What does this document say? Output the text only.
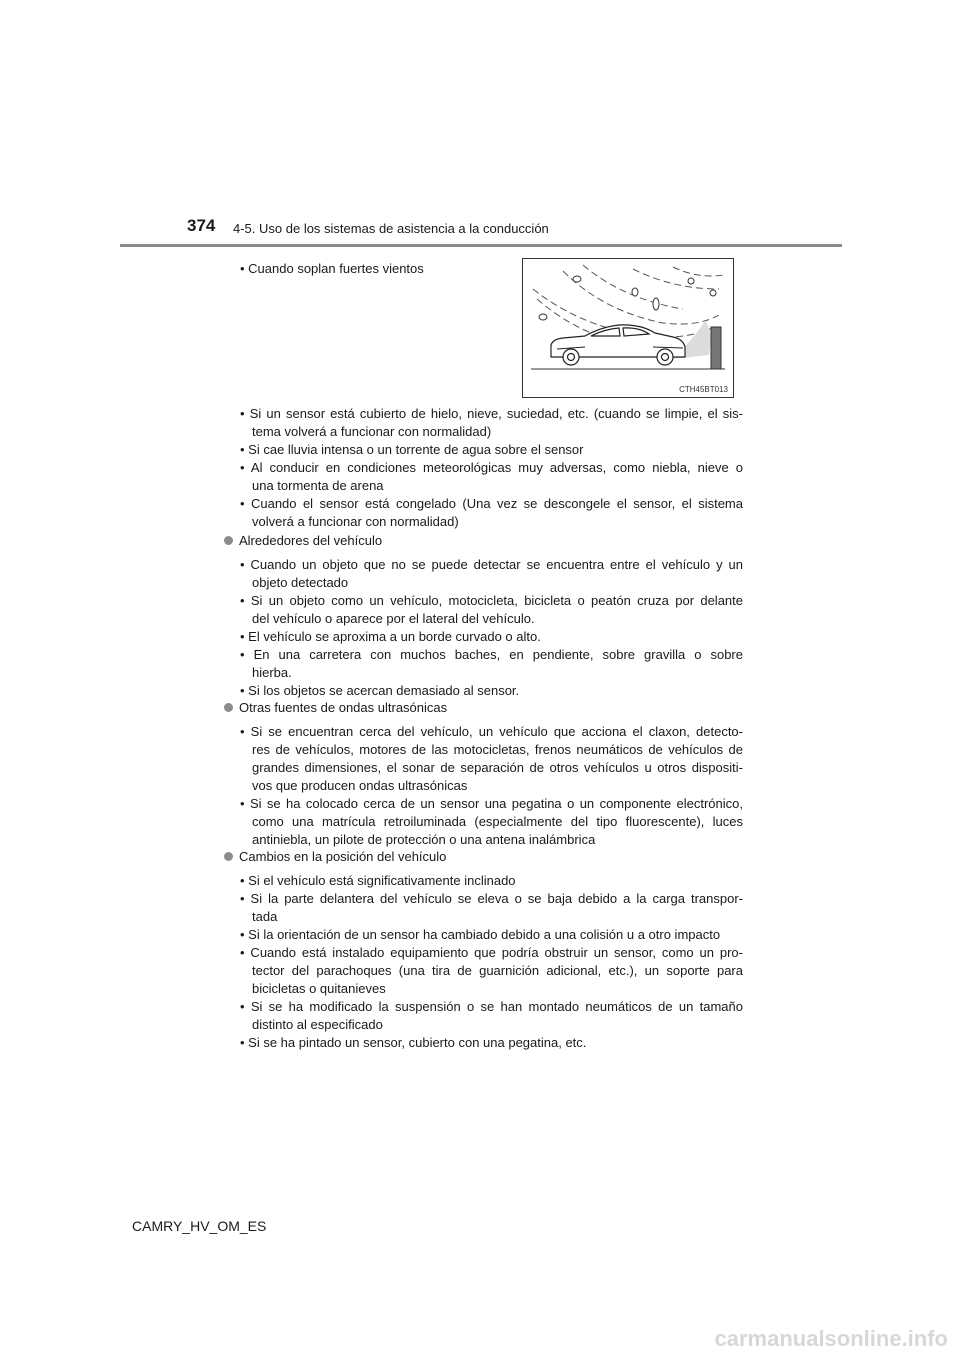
374 4-5. Uso de los sistemas de asistencia a la conducción
• Cuando soplan fuertes vientos
CTH45BT013
• Si un sensor está cubierto de hielo, nieve, suciedad, etc. (cuando se limpie, el sis-
tema volverá a funcionar con normalidad)
• Si cae lluvia intensa o un torrente de agua sobre el sensor
• Al conducir en condiciones meteorológicas muy adversas, como niebla, nieve o
una tormenta de arena
• Cuando el sensor está congelado (Una vez se descongele el sensor, el sistema
volverá a funcionar con normalidad)
Alrededores del vehículo
• Cuando un objeto que no se puede detectar se encuentra entre el vehículo y un
objeto detectado
• Si un objeto como un vehículo, motocicleta, bicicleta o peatón cruza por delante
del vehículo o aparece por el lateral del vehículo.
• El vehículo se aproxima a un borde curvado o alto.
• En una carretera con muchos baches, en pendiente, sobre gravilla o sobre
hierba.
• Si los objetos se acercan demasiado al sensor.
Otras fuentes de ondas ultrasónicas
• Si se encuentran cerca del vehículo, un vehículo que acciona el claxon, detecto-
res de vehículos, motores de las motocicletas, frenos neumáticos de vehículos de
grandes dimensiones, el sonar de separación de otros vehículos u otros dispositi-
vos que producen ondas ultrasónicas
• Si se ha colocado cerca de un sensor una pegatina o un componente electrónico,
como una matrícula retroiluminada (especialmente del tipo fluorescente), luces
antiniebla, un pilote de protección o una antena inalámbrica
Cambios en la posición del vehículo
• Si el vehículo está significativamente inclinado
• Si la parte delantera del vehículo se eleva o se baja debido a la carga transpor-
tada
• Si la orientación de un sensor ha cambiado debido a una colisión u a otro impacto
• Cuando está instalado equipamiento que podría obstruir un sensor, como un pro-
tector del parachoques (una tira de guarnición adicional, etc.), un soporte para
bicicletas o quitanieves
• Si se ha modificado la suspensión o se han montado neumáticos de un tamaño
distinto al especificado
• Si se ha pintado un sensor, cubierto con una pegatina, etc.
CAMRY_HV_OM_ES
carmanualsonline.info
